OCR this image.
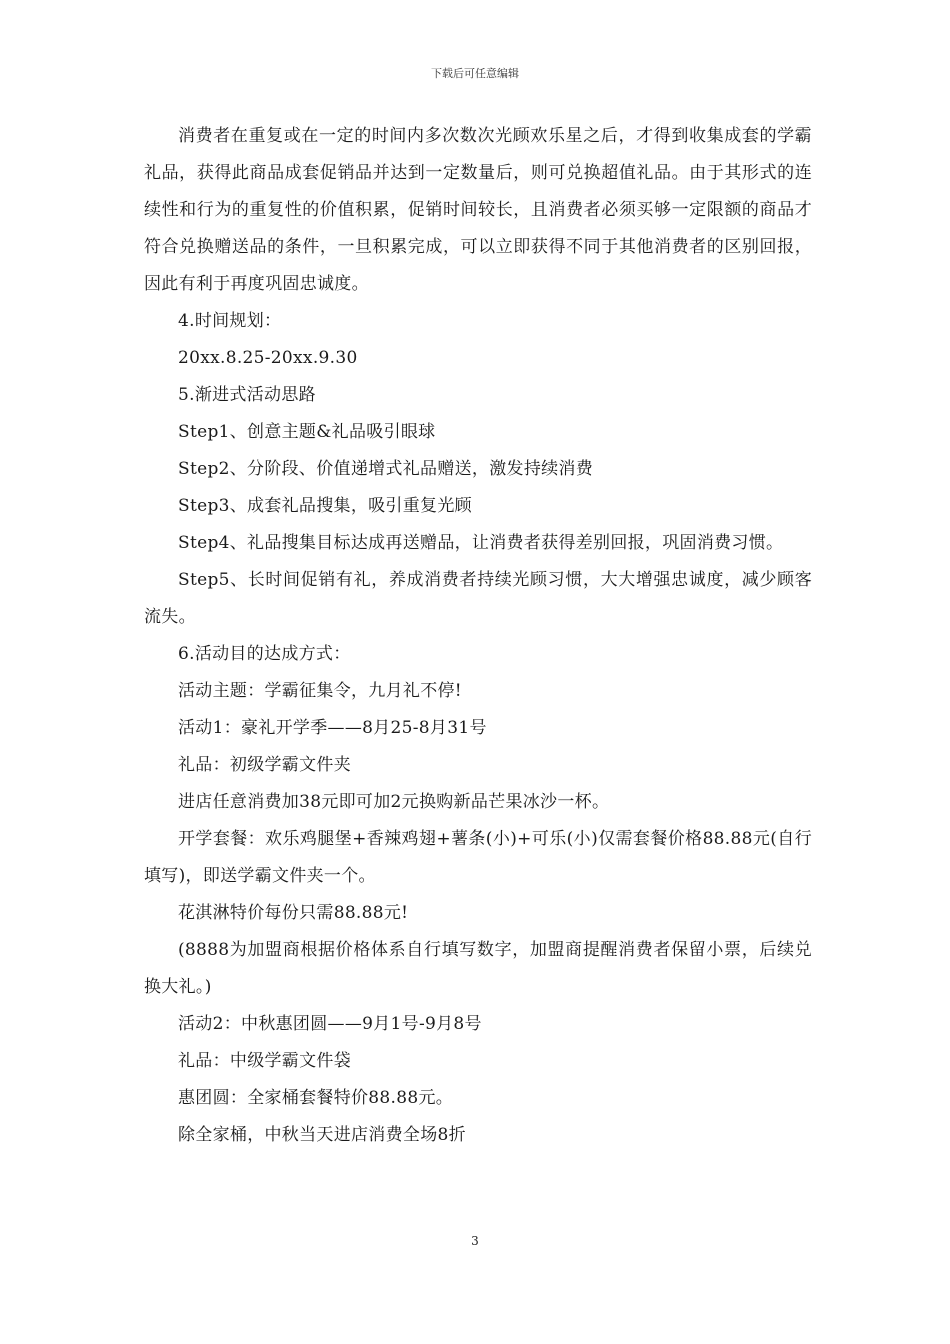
下载后可任意编辑

消费者在重复或在一定的时间内多次数次光顾欢乐星之后，才得到收集成套的学霸礼品，获得此商品成套促销品并达到一定数量后，则可兑换超值礼品。由于其形式的连续性和行为的重复性的价值积累，促销时间较长，且消费者必须买够一定限额的商品才符合兑换赠送品的条件，一旦积累完成，可以立即获得不同于其他消费者的区别回报，因此有利于再度巩固忠诚度。

4.时间规划：

20xx.8.25-20xx.9.30

5.渐进式活动思路

Step1、创意主题&礼品吸引眼球

Step2、分阶段、价值递增式礼品赠送，激发持续消费

Step3、成套礼品搜集，吸引重复光顾

Step4、礼品搜集目标达成再送赠品，让消费者获得差别回报，巩固消费习惯。

Step5、长时间促销有礼，养成消费者持续光顾习惯，大大增强忠诚度，减少顾客流失。

6.活动目的达成方式：

活动主题：学霸征集令，九月礼不停!

活动1：豪礼开学季——8月25-8月31号

礼品：初级学霸文件夹

进店任意消费加38元即可加2元换购新品芒果冰沙一杯。

开学套餐：欢乐鸡腿堡+香辣鸡翅+薯条(小)+可乐(小)仅需套餐价格88.88元(自行填写)，即送学霸文件夹一个。

花淇淋特价每份只需88.88元!

(8888为加盟商根据价格体系自行填写数字，加盟商提醒消费者保留小票，后续兑换大礼。)

活动2：中秋惠团圆——9月1号-9月8号

礼品：中级学霸文件袋

惠团圆：全家桶套餐特价88.88元。

除全家桶，中秋当天进店消费全场8折

3
